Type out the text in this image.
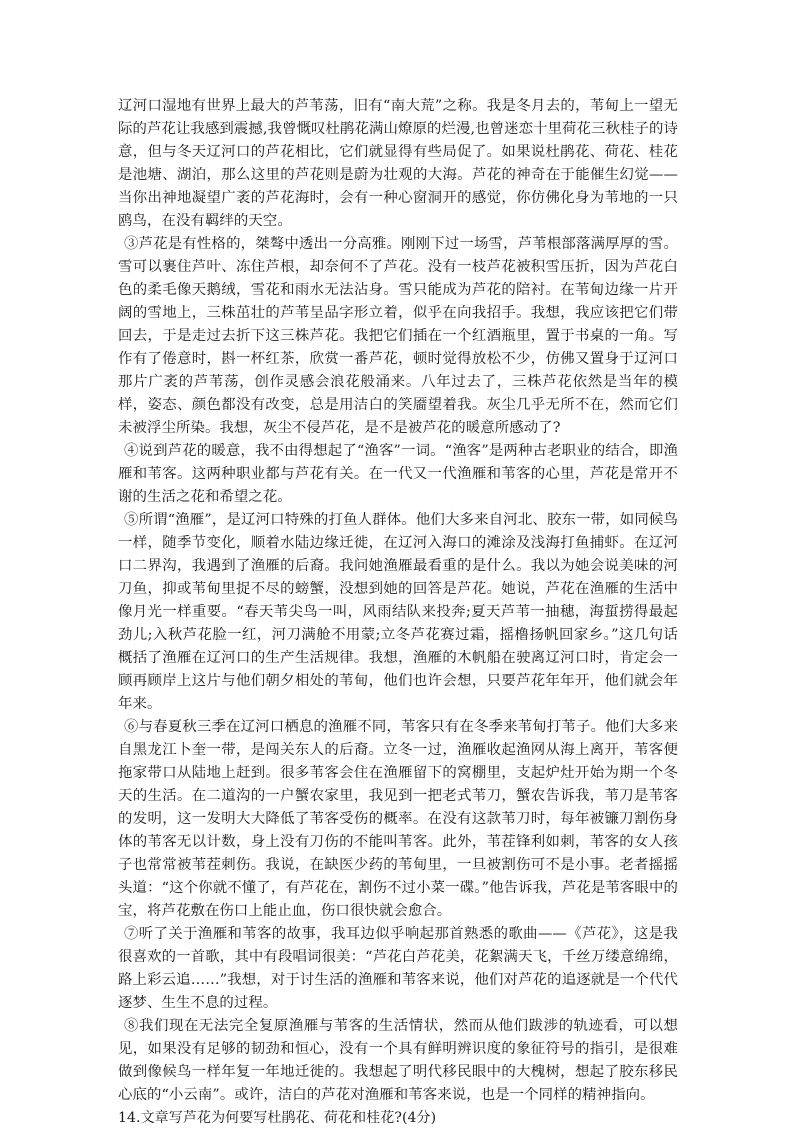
辽河口湿地有世界上最大的芦苇荡，旧有“南大荒”之称。我是冬月去的，苇甸上一望无际的芦花让我感到震撼,我曾慨叹杜鹃花满山燎原的烂漫,也曾迷恋十里荷花三秋桂子的诗意，但与冬天辽河口的芦花相比，它们就显得有些局促了。如果说杜鹃花、荷花、桂花是池塘、湖泊，那么这里的芦花则是蔚为壮观的大海。芦花的神奇在于能催生幻觉——当你出神地凝望广袤的芦花海时，会有一种心窗洞开的感觉，你仿佛化身为苇地的一只鸥鸟，在没有羁绊的天空。

③芦花是有性格的，桀骜中透出一分高雅。刚刚下过一场雪，芦苇根部落满厚厚的雪。雪可以裹住芦叶、冻住芦根，却奈何不了芦花。没有一枝芦花被积雪压折，因为芦花白色的柔毛像天鹅绒，雪花和雨水无法沾身。雪只能成为芦花的陪衬。在苇甸边缘一片开阔的雪地上，三株茁壮的芦苇呈品字形立着，似乎在向我招手。我想，我应该把它们带回去，于是走过去折下这三株芦花。我把它们插在一个红酒瓶里，置于书桌的一角。写作有了倦意时，斟一杯红茶，欣赏一番芦花，顿时觉得放松不少，仿佛又置身于辽河口那片广袤的芦苇荡，创作灵感会浪花般涌来。八年过去了，三株芦花依然是当年的模样，姿态、颜色都没有改变，总是用洁白的笑靥望着我。灰尘几乎无所不在，然而它们未被浮尘所染。我想，灰尘不侵芦花，是不是被芦花的暖意所感动了?

④说到芦花的暖意，我不由得想起了“渔客”一词。“渔客”是两种古老职业的结合，即渔雁和苇客。这两种职业都与芦花有关。在一代又一代渔雁和苇客的心里，芦花是常开不谢的生活之花和希望之花。

⑤所谓“渔雁”，是辽河口特殊的打鱼人群体。他们大多来自河北、胶东一带，如同候鸟一样，随季节变化，顺着水陆边缘迁徙，在辽河入海口的滩涂及浅海打鱼捕虾。在辽河口二界沟，我遇到了渔雁的后裔。我问她渔雁最看重的是什么。我以为她会说美味的河刀鱼，抑或苇甸里捉不尽的螃蟹，没想到她的回答是芦花。她说，芦花在渔雁的生活中像月光一样重要。“春天苇尖鸟一叫，风雨结队来投奔;夏天芦苇一抽穗，海蜇捞得最起劲儿;入秋芦花脸一红，河刀满舱不用蒙;立冬芦花赛过霜，摇橹扬帆回家乡。”这几句话概括了渔雁在辽河口的生产生活规律。我想，渔雁的木帆船在驶离辽河口时，肯定会一顾再顾岸上这片与他们朝夕相处的苇甸，他们也许会想，只要芦花年年开，他们就会年年来。

⑥与春夏秋三季在辽河口栖息的渔雁不同，苇客只有在冬季来苇甸打苇子。他们大多来自黑龙江卜奎一带，是闯关东人的后裔。立冬一过，渔雁收起渔网从海上离开，苇客便拖家带口从陆地上赶到。很多苇客会住在渔雁留下的窝棚里，支起炉灶开始为期一个冬天的生活。在二道沟的一户蟹农家里，我见到一把老式苇刀，蟹农告诉我，苇刀是苇客的发明，这一发明大大降低了苇客受伤的概率。在没有这款苇刀时，每年被镰刀割伤身体的苇客无以计数，身上没有刀伤的不能叫苇客。此外，苇茬锋利如刺，苇客的女人孩子也常常被苇茬刺伤。我说，在缺医少药的苇甸里，一旦被割伤可不是小事。老者摇摇头道：“这个你就不懂了，有芦花在，割伤不过小菜一碟。”他告诉我，芦花是苇客眼中的宝，将芦花敷在伤口上能止血，伤口很快就会愈合。

⑦听了关于渔雁和苇客的故事，我耳边似乎响起那首熟悉的歌曲——《芦花》，这是我很喜欢的一首歌，其中有段唱词很美：“芦花白芦花美，花絮满天飞，千丝万缕意绵绵，路上彩云追……”我想，对于讨生活的渔雁和苇客来说，他们对芦花的追逐就是一个代代逐梦、生生不息的过程。

⑧我们现在无法完全复原渔雁与苇客的生活情状，然而从他们跋涉的轨迹看，可以想见，如果没有足够的韧劲和恒心，没有一个具有鲜明辨识度的象征符号的指引，是很难做到像候鸟一样年复一年地迁徙的。我想起了明代移民眼中的大槐树，想起了胶东移民心底的“小云南”。或许，洁白的芦花对渔雁和苇客来说，也是一个同样的精神指向。

14.文章写芦花为何要写杜鹃花、荷花和桂花?(4分)
